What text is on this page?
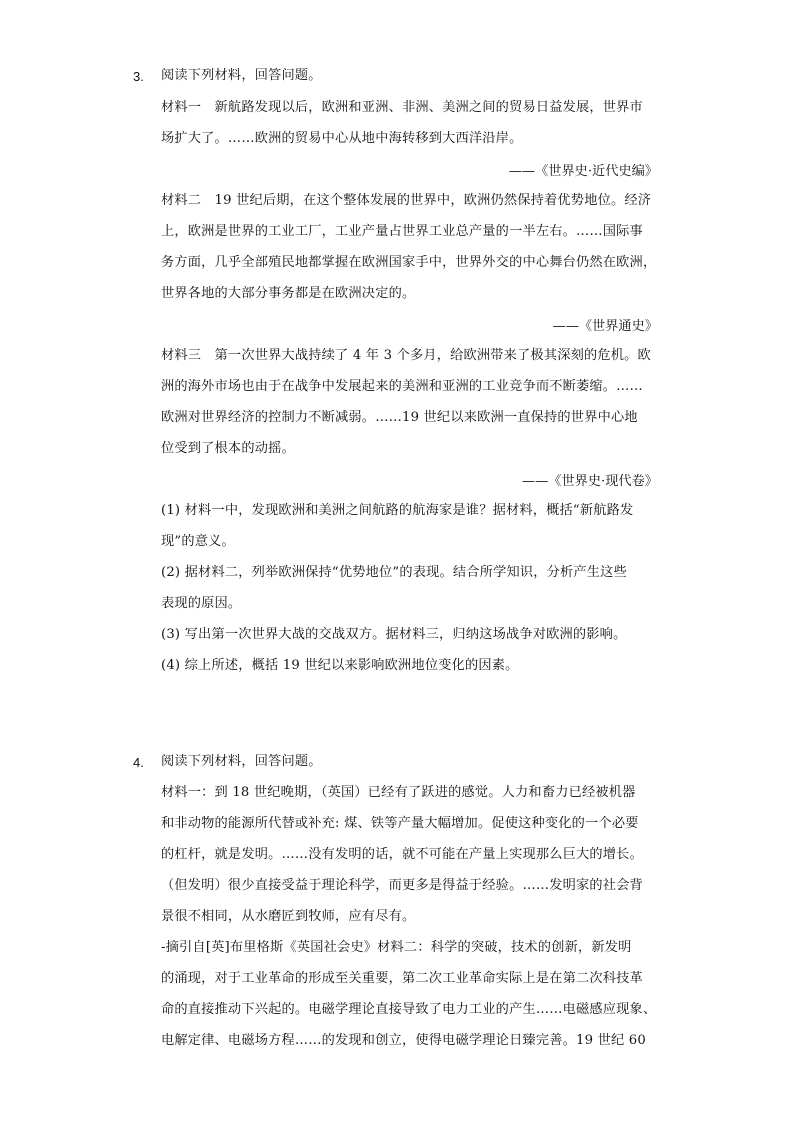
3. 阅读下列材料，回答问题。
材料一　新航路发现以后，欧洲和亚洲、非洲、美洲之间的贸易日益发展，世界市
场扩大了。……欧洲的贸易中心从地中海转移到大西洋沿岸。
——《世界史·近代史编》
材料二　19 世纪后期，在这个整体发展的世界中，欧洲仍然保持着优势地位。经济
上，欧洲是世界的工业工厂，工业产量占世界工业总产量的一半左右。……国际事
务方面，几乎全部殖民地都掌握在欧洲国家手中，世界外交的中心舞台仍然在欧洲，
世界各地的大部分事务都是在欧洲决定的。
——《世界通史》
材料三　第一次世界大战持续了 4 年 3 个多月，给欧洲带来了极其深刻的危机。欧
洲的海外市场也由于在战争中发展起来的美洲和亚洲的工业竞争而不断萎缩。……
欧洲对世界经济的控制力不断减弱。……19 世纪以来欧洲一直保持的世界中心地
位受到了根本的动摇。
——《世界史·现代卷》
(1) 材料一中，发现欧洲和美洲之间航路的航海家是谁？据材料，概括“新航路发
现”的意义。
(2) 据材料二，列举欧洲保持“优势地位”的表现。结合所学知识，分析产生这些
表现的原因。
(3) 写出第一次世界大战的交战双方。据材料三，归纳这场战争对欧洲的影响。
(4) 综上所述，概括 19 世纪以来影响欧洲地位变化的因素。
4. 阅读下列材料，回答问题。
材料一：到 18 世纪晚期，（英国）已经有了跃进的感觉。人力和畜力已经被机器
和非动物的能源所代替或补充: 煤、铁等产量大幅增加。促使这种变化的一个必要
的杠杆，就是发明。……没有发明的话，就不可能在产量上实现那么巨大的增长。
（但发明）很少直接受益于理论科学，而更多是得益于经验。……发明家的社会背
景很不相同，从水磨匠到牧师，应有尽有。
-摘引自[英]布里格斯《英国社会史》材料二：科学的突破，技术的创新，新发明
的涌现，对于工业革命的形成至关重要，第二次工业革命实际上是在第二次科技革
命的直接推动下兴起的。电磁学理论直接导致了电力工业的产生……电磁感应现象、
电解定律、电磁场方程……的发现和创立，使得电磁学理论日臻完善。19 世纪 60
